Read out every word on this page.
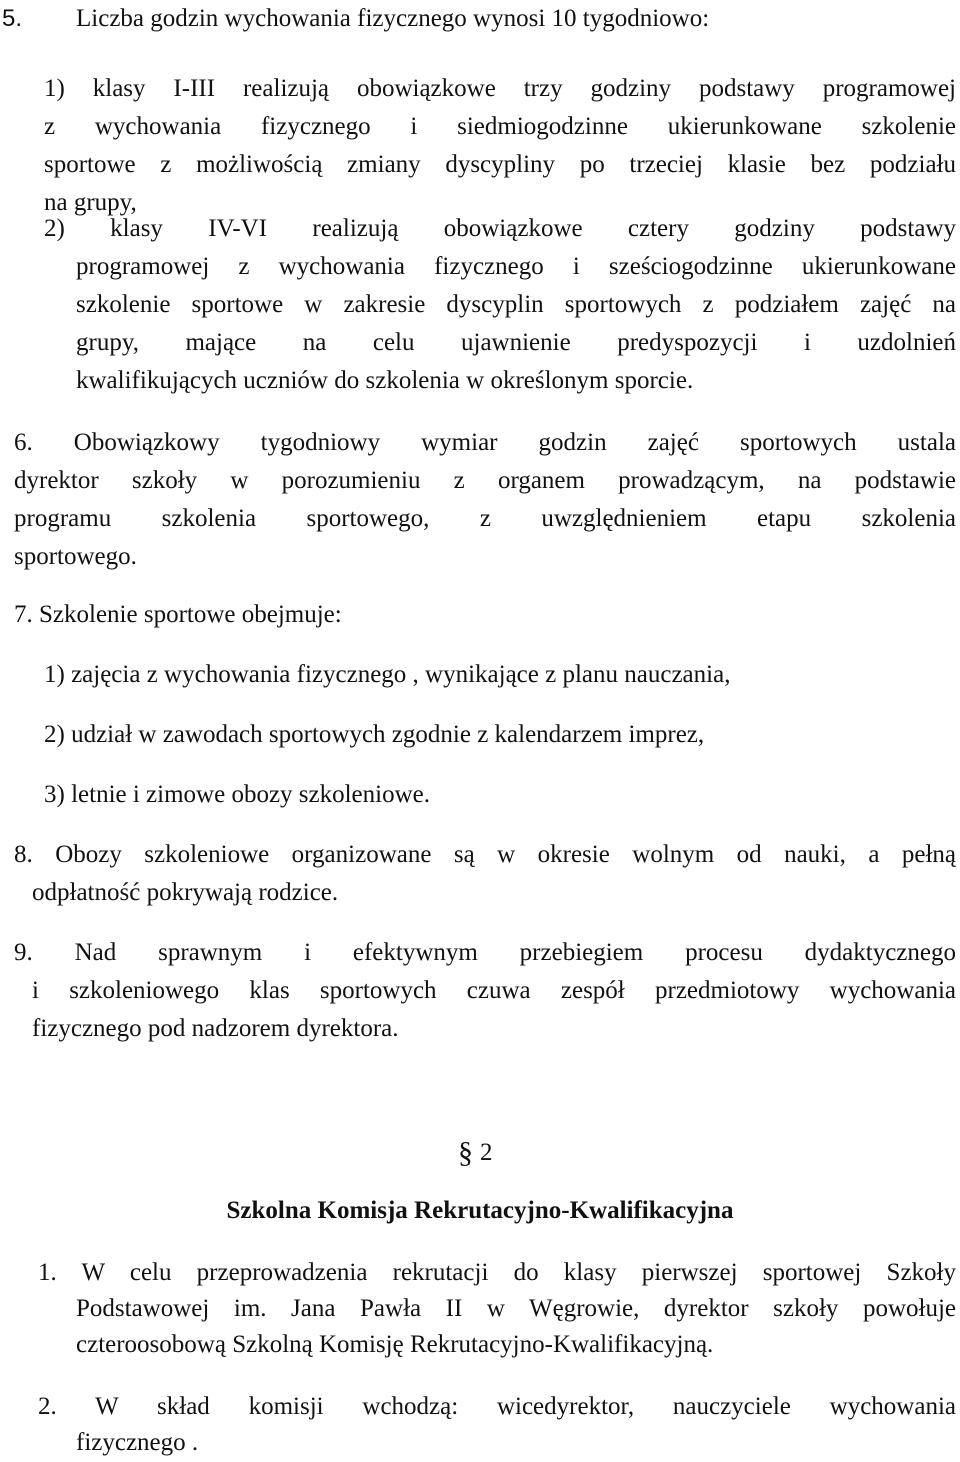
5. Liczba godzin wychowania fizycznego wynosi 10 tygodniowo:
1) klasy I-III realizują obowiązkowe trzy godziny podstawy programowej
z wychowania fizycznego i siedmiogodzinne ukierunkowane szkolenie
sportowe z możliwością zmiany dyscypliny po trzeciej klasie bez podziału
na grupy,
2) klasy IV-VI realizują obowiązkowe cztery godziny podstawy
programowej z wychowania fizycznego i sześciogodzinne ukierunkowane
szkolenie sportowe w zakresie dyscyplin sportowych z podziałem zajęć na
grupy, mające na celu ujawnienie predyspozycji i uzdolnień
kwalifikujących uczniów do szkolenia w określonym sporcie.
6. Obowiązkowy tygodniowy wymiar godzin zajęć sportowych ustala
dyrektor szkoły w porozumieniu z organem prowadzącym, na podstawie
programu szkolenia sportowego, z uwzględnieniem etapu szkolenia
sportowego.
7. Szkolenie sportowe obejmuje:
1) zajęcia z wychowania fizycznego , wynikające z planu nauczania,
2) udział w zawodach sportowych zgodnie z kalendarzem imprez,
3) letnie i zimowe obozy szkoleniowe.
8. Obozy szkoleniowe organizowane są w okresie wolnym od nauki, a pełną
odpłatność pokrywają rodzice.
9. Nad sprawnym i efektywnym przebiegiem procesu dydaktycznego
i szkoleniowego klas sportowych czuwa zespół przedmiotowy wychowania
fizycznego pod nadzorem dyrektora.
§ 2
Szkolna Komisja Rekrutacyjno-Kwalifikacyjna
1. W celu przeprowadzenia rekrutacji do klasy pierwszej sportowej Szkoły
Podstawowej im. Jana Pawła II w Węgrowie, dyrektor szkoły powołuje
czteroosobową Szkolną Komisję Rekrutacyjno-Kwalifikacyjną.
2. W skład komisji wchodzą: wicedyrektor, nauczyciele wychowania
fizycznego .
